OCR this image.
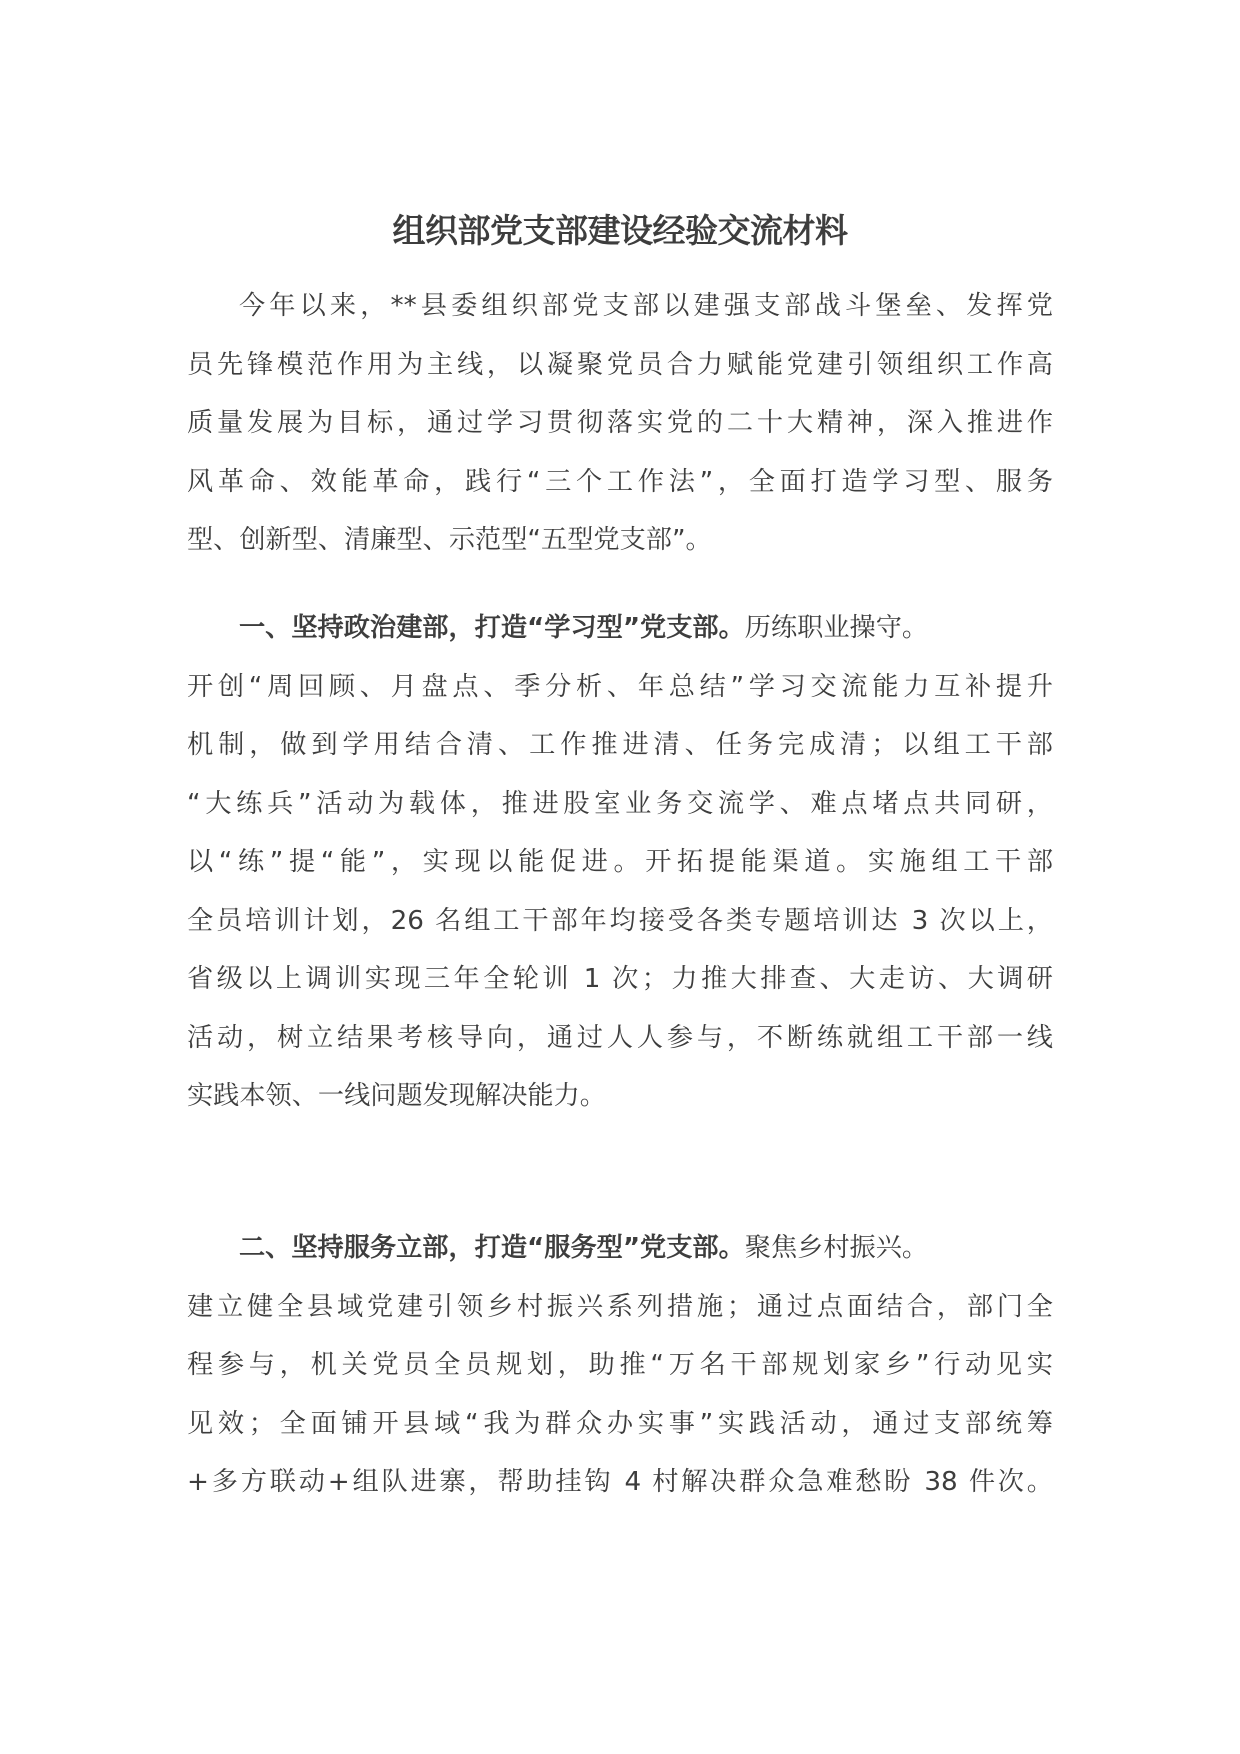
组织部党支部建设经验交流材料
今年以来，**县委组织部党支部以建强支部战斗堡垒、发挥党
员先锋模范作用为主线，以凝聚党员合力赋能党建引领组织工作高
质量发展为目标，通过学习贯彻落实党的二十大精神，深入推进作
风革命、效能革命，践行“三个工作法”，全面打造学习型、服务
型、创新型、清廉型、示范型“五型党支部”。
一、坚持政治建部，打造“学习型”党支部。历练职业操守。
开创“周回顾、月盘点、季分析、年总结”学习交流能力互补提升
机制，做到学用结合清、工作推进清、任务完成清；以组工干部
“大练兵”活动为载体，推进股室业务交流学、难点堵点共同研，
以“练”提“能”，实现以能促进。开拓提能渠道。实施组工干部
全员培训计划，26 名组工干部年均接受各类专题培训达 3 次以上，
省级以上调训实现三年全轮训 1 次；力推大排查、大走访、大调研
活动，树立结果考核导向，通过人人参与，不断练就组工干部一线
实践本领、一线问题发现解决能力。
二、坚持服务立部，打造“服务型”党支部。聚焦乡村振兴。
建立健全县域党建引领乡村振兴系列措施；通过点面结合，部门全
程参与，机关党员全员规划，助推“万名干部规划家乡”行动见实
见效；全面铺开县域“我为群众办实事”实践活动，通过支部统筹
+多方联动+组队进寨，帮助挂钩 4 村解决群众急难愁盼 38 件次。
